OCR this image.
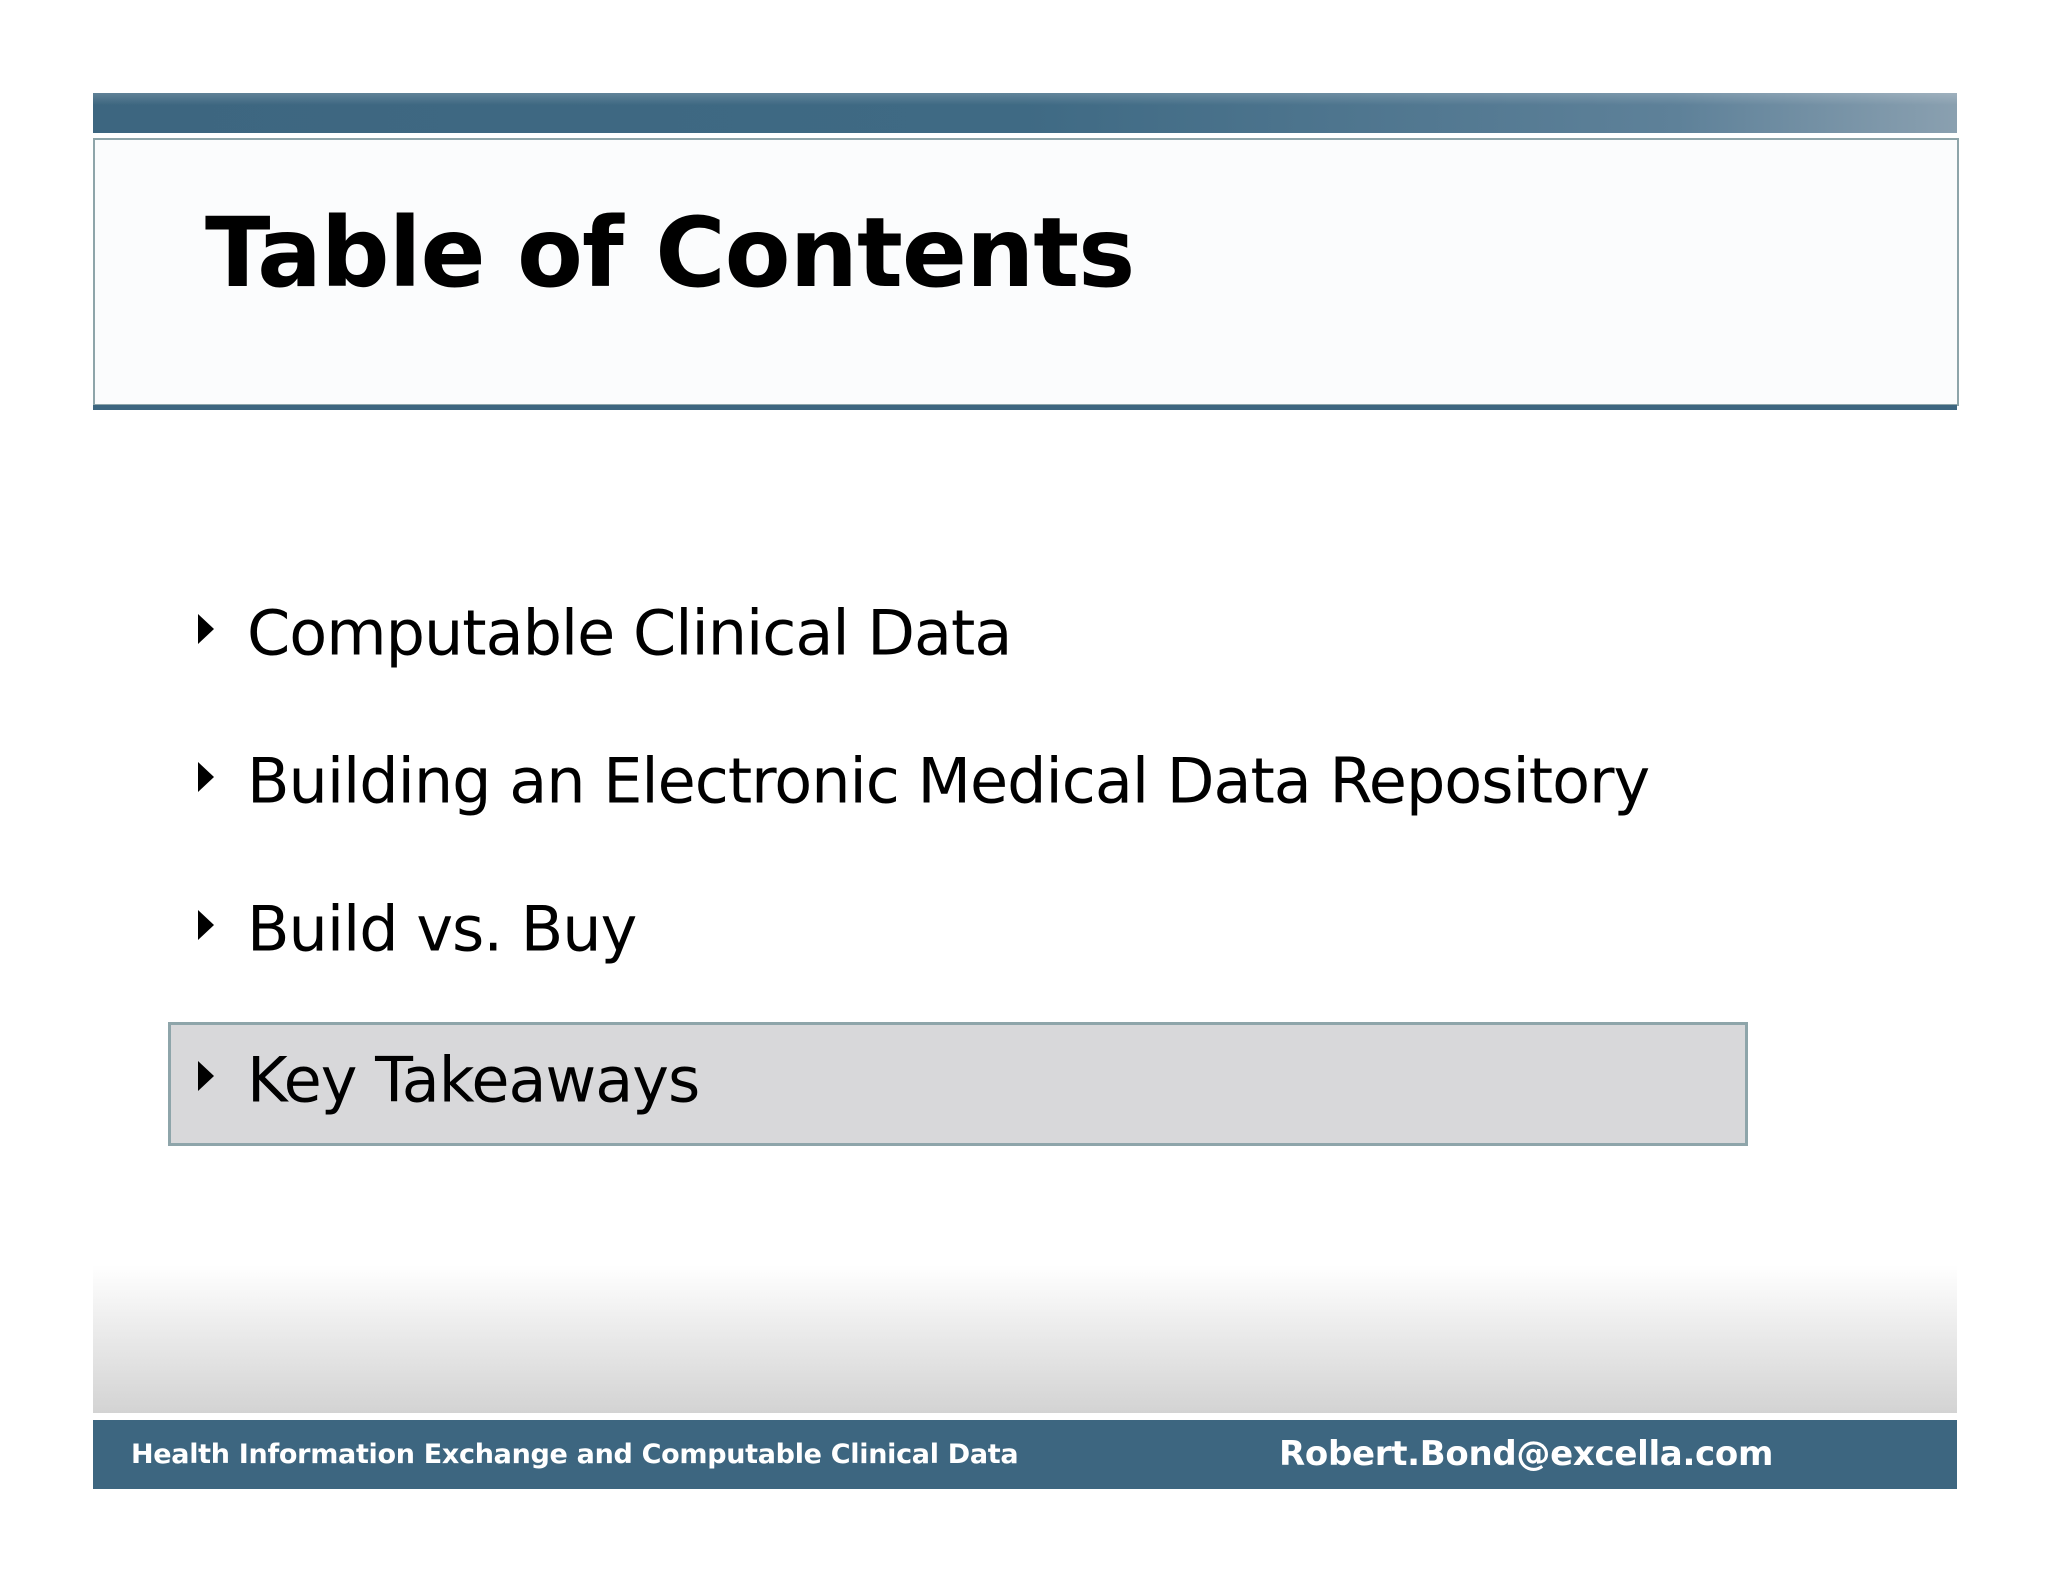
Table of Contents
Computable Clinical Data
Building an Electronic Medical Data Repository
Build vs. Buy
Key Takeaways
Health Information Exchange and Computable Clinical Data	Robert.Bond@excella.com
